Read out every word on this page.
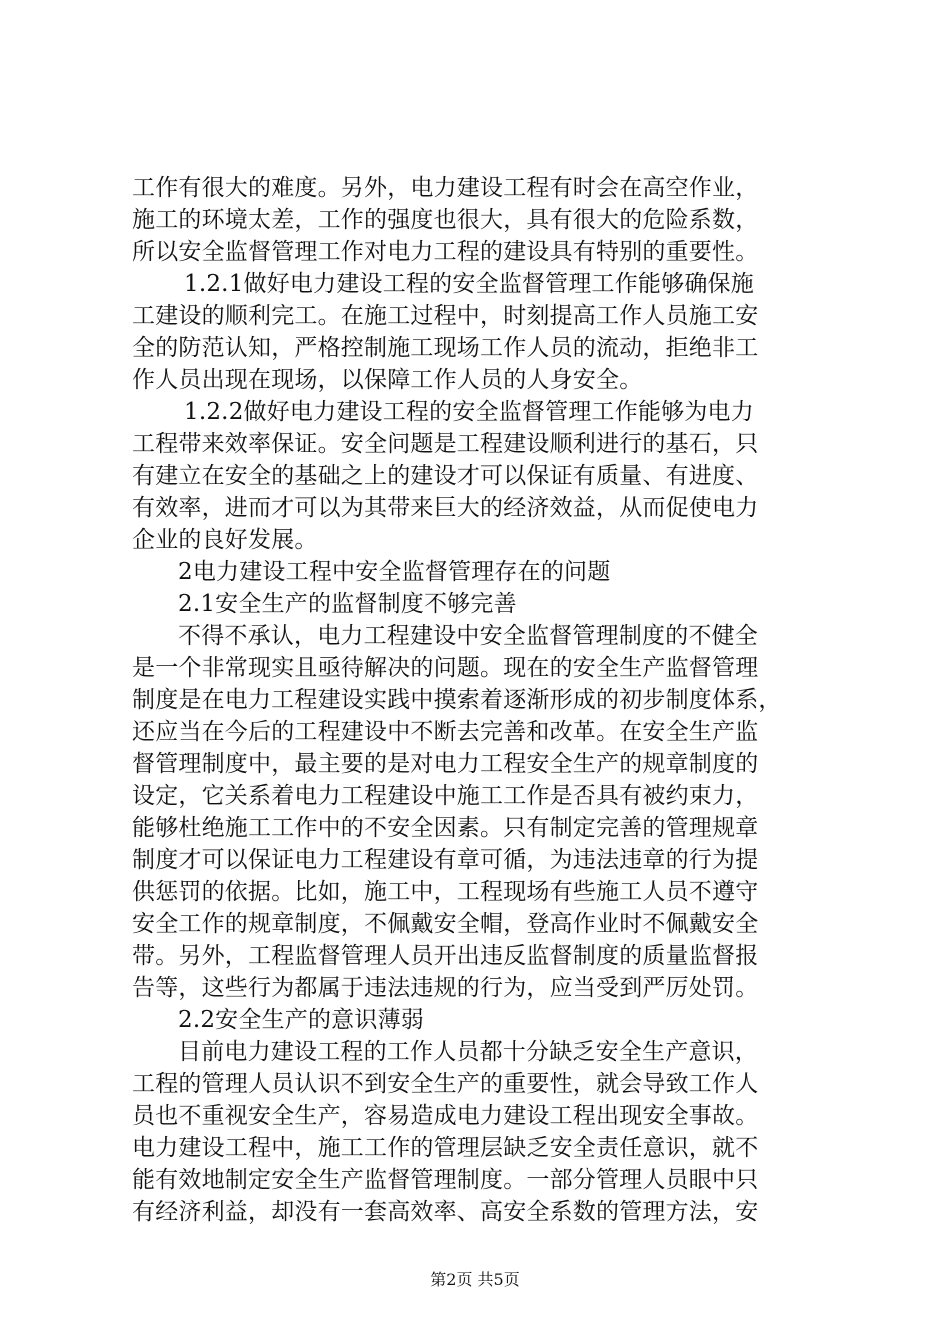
工作有很大的难度。另外，电力建设工程有时会在高空作业，
施工的环境太差，工作的强度也很大，具有很大的危险系数，
所以安全监督管理工作对电力工程的建设具有特别的重要性。
1.2.1做好电力建设工程的安全监督管理工作能够确保施
工建设的顺利完工。在施工过程中，时刻提高工作人员施工安
全的防范认知，严格控制施工现场工作人员的流动，拒绝非工
作人员出现在现场，以保障工作人员的人身安全。
1.2.2做好电力建设工程的安全监督管理工作能够为电力
工程带来效率保证。安全问题是工程建设顺利进行的基石，只
有建立在安全的基础之上的建设才可以保证有质量、有进度、
有效率，进而才可以为其带来巨大的经济效益，从而促使电力
企业的良好发展。
2电力建设工程中安全监督管理存在的问题
2.1安全生产的监督制度不够完善
不得不承认，电力工程建设中安全监督管理制度的不健全
是一个非常现实且亟待解决的问题。现在的安全生产监督管理
制度是在电力工程建设实践中摸索着逐渐形成的初步制度体系，
还应当在今后的工程建设中不断去完善和改革。在安全生产监
督管理制度中，最主要的是对电力工程安全生产的规章制度的
设定，它关系着电力工程建设中施工工作是否具有被约束力，
能够杜绝施工工作中的不安全因素。只有制定完善的管理规章
制度才可以保证电力工程建设有章可循，为违法违章的行为提
供惩罚的依据。比如，施工中，工程现场有些施工人员不遵守
安全工作的规章制度，不佩戴安全帽，登高作业时不佩戴安全
带。另外，工程监督管理人员开出违反监督制度的质量监督报
告等，这些行为都属于违法违规的行为，应当受到严厉处罚。
2.2安全生产的意识薄弱
目前电力建设工程的工作人员都十分缺乏安全生产意识，
工程的管理人员认识不到安全生产的重要性，就会导致工作人
员也不重视安全生产，容易造成电力建设工程出现安全事故。
电力建设工程中，施工工作的管理层缺乏安全责任意识，就不
能有效地制定安全生产监督管理制度。一部分管理人员眼中只
有经济利益，却没有一套高效率、高安全系数的管理方法，安
第2页 共5页
